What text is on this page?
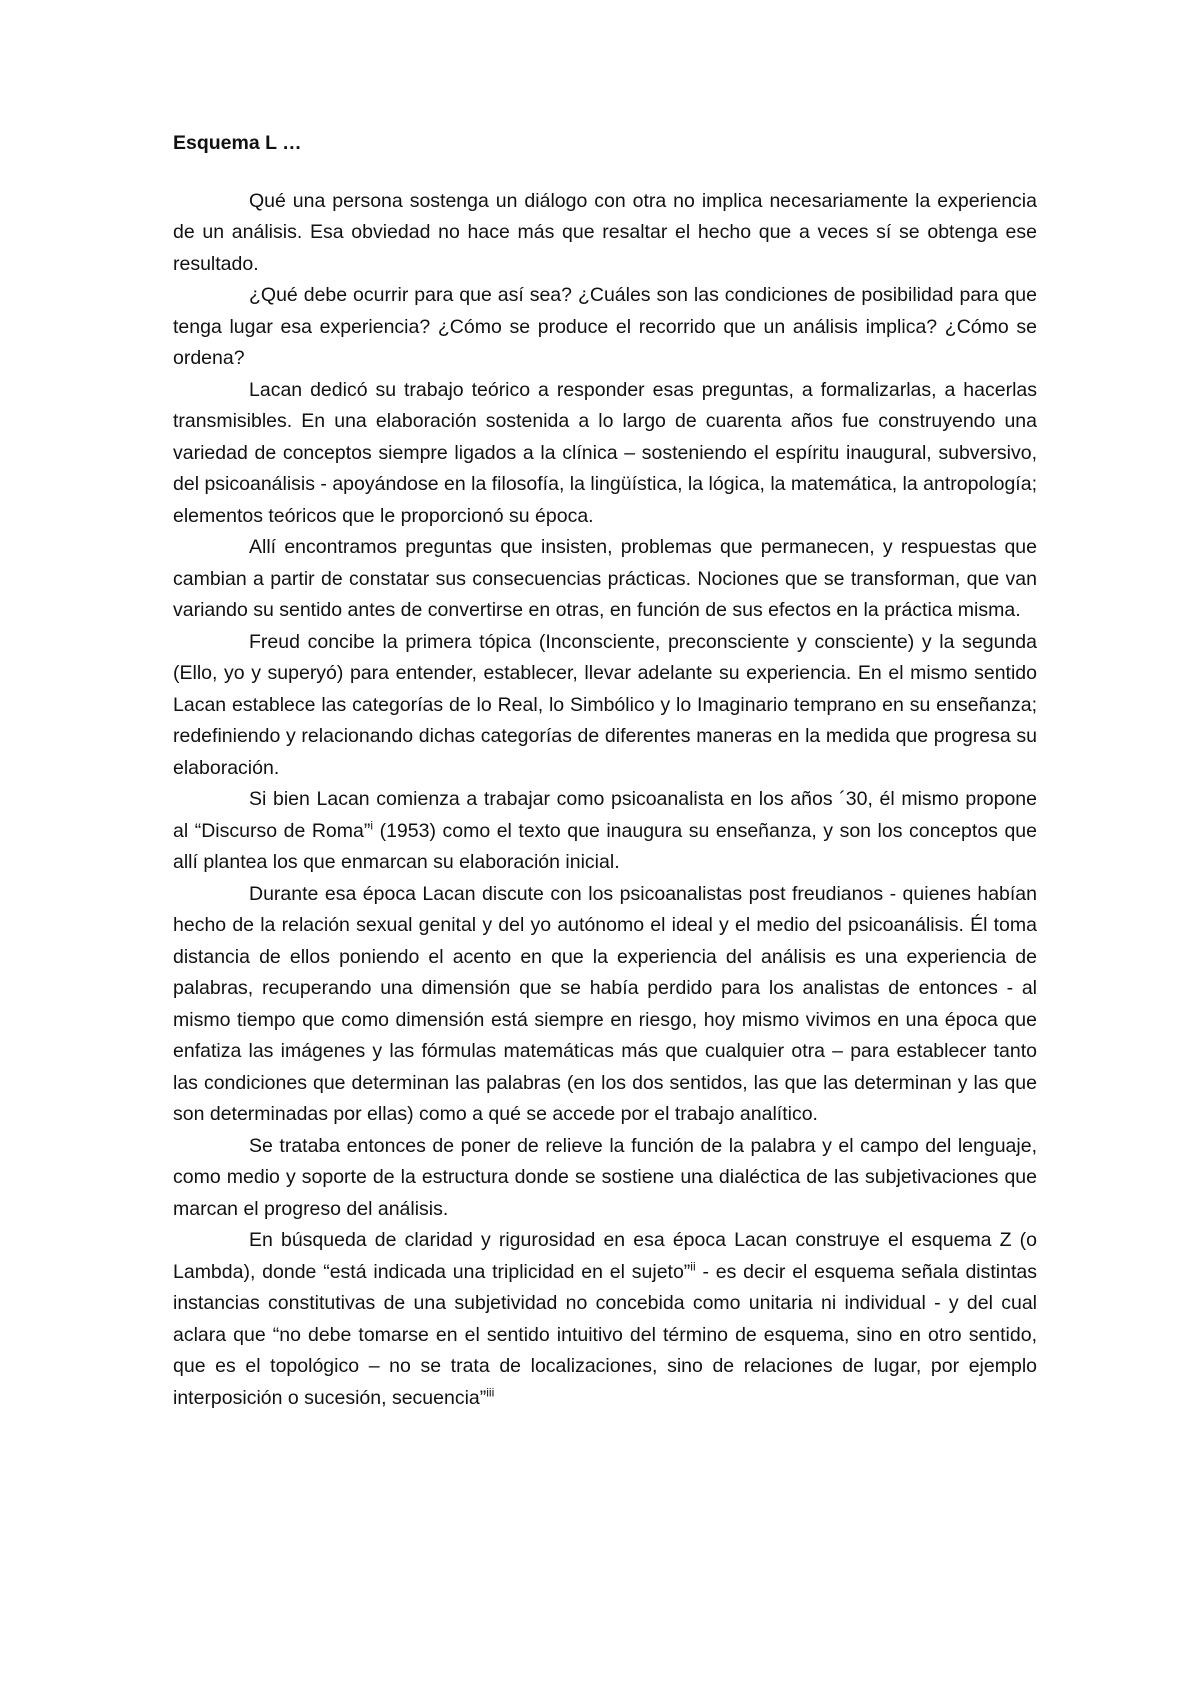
Esquema L …

Qué una persona sostenga un diálogo con otra no implica necesariamente la experiencia de un análisis. Esa obviedad no hace más que resaltar el hecho que a veces sí se obtenga ese resultado.

¿Qué debe ocurrir para que así sea? ¿Cuáles son las condiciones de posibilidad para que tenga lugar esa experiencia? ¿Cómo se produce el recorrido que un análisis implica? ¿Cómo se ordena?

Lacan dedicó su trabajo teórico a responder esas preguntas, a formalizarlas, a hacerlas transmisibles. En una elaboración sostenida a lo largo de cuarenta años fue construyendo una variedad de conceptos siempre ligados a la clínica – sosteniendo el espíritu inaugural, subversivo, del psicoanálisis - apoyándose en la filosofía, la lingüística, la lógica, la matemática, la antropología; elementos teóricos que le proporcionó su época.

Allí encontramos preguntas que insisten, problemas que permanecen, y respuestas que cambian a partir de constatar sus consecuencias prácticas. Nociones que se transforman, que van variando su sentido antes de convertirse en otras, en función de sus efectos en la práctica misma.

Freud concibe la primera tópica (Inconsciente, preconsciente y consciente) y la segunda (Ello, yo y superyó) para entender, establecer, llevar adelante su experiencia. En el mismo sentido Lacan establece las categorías de lo Real, lo Simbólico y lo Imaginario temprano en su enseñanza; redefiniendo y relacionando dichas categorías de diferentes maneras en la medida que progresa su elaboración.

Si bien Lacan comienza a trabajar como psicoanalista en los años ´30, él mismo propone al “Discurso de Roma”$^i$ (1953) como el texto que inaugura su enseñanza, y son los conceptos que allí plantea los que enmarcan su elaboración inicial.

Durante esa época Lacan discute con los psicoanalistas post freudianos - quienes habían hecho de la relación sexual genital y del yo autónomo el ideal y el medio del psicoanálisis. Él toma distancia de ellos poniendo el acento en que la experiencia del análisis es una experiencia de palabras, recuperando una dimensión que se había perdido para los analistas de entonces - al mismo tiempo que como dimensión está siempre en riesgo, hoy mismo vivimos en una época que enfatiza las imágenes y las fórmulas matemáticas más que cualquier otra – para establecer tanto las condiciones que determinan las palabras (en los dos sentidos, las que las determinan y las que son determinadas por ellas) como a qué se accede por el trabajo analítico.

Se trataba entonces de poner de relieve la función de la palabra y el campo del lenguaje, como medio y soporte de la estructura donde se sostiene una dialéctica de las subjetivaciones que marcan el progreso del análisis.

En búsqueda de claridad y rigurosidad en esa época Lacan construye el esquema Z (o Lambda), donde “está indicada una triplicidad en el sujeto”$^{ii}$ - es decir el esquema señala distintas instancias constitutivas de una subjetividad no concebida como unitaria ni individual - y del cual aclara que “no debe tomarse en el sentido intuitivo del término de esquema, sino en otro sentido, que es el topológico – no se trata de localizaciones, sino de relaciones de lugar, por ejemplo interposición o sucesión, secuencia”$^{iii}$
